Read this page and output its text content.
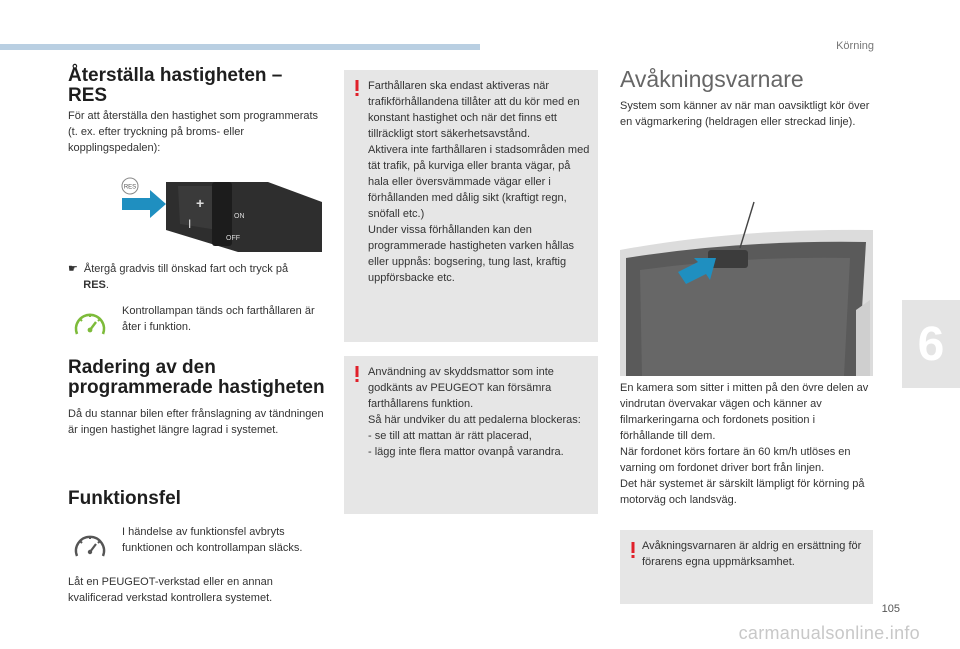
Körning
6
Återställa hastigheten – RES

För att återställa den hastighet som programmerats (t. ex. efter tryckning på broms- eller kopplingspedalen):

RES
+
I
ON
OFF

☛ Återgå gradvis till önskad fart och tryck på
RES.

Kontrollampan tänds och farthållaren är åter i funktion.

Radering av den programmerade hastigheten

Då du stannar bilen efter frånslagning av tändningen är ingen hastighet längre lagrad i systemet.

Funktionsfel

I händelse av funktionsfel avbryts funktionen och kontrollampan släcks.

Låt en PEUGEOT-verkstad eller en annan kvalificerad verkstad kontrollera systemet.

Farthållaren ska endast aktiveras när trafikförhållandena tillåter att du kör med en konstant hastighet och när det finns ett tillräckligt stort säkerhetsavstånd.
Aktivera inte farthållaren i stadsområden med tät trafik, på kurviga eller branta vägar, på hala eller översvämmade vägar eller i förhållanden med dålig sikt (kraftigt regn, snöfall etc.)
Under vissa förhållanden kan den programmerade hastigheten varken hållas eller uppnås: bogsering, tung last, kraftig uppförsbacke etc.
Användning av skyddsmattor som inte godkänts av PEUGEOT kan försämra farthållarens funktion.
Så här undviker du att pedalerna blockeras:
- se till att mattan är rätt placerad,
- lägg inte flera mattor ovanpå varandra.
Avåkningsvarnare

System som känner av när man oavsiktligt kör över en vägmarkering (heldragen eller streckad linje).

En kamera som sitter i mitten på den övre delen av vindrutan övervakar vägen och känner av filmarkeringarna och fordonets position i förhållande till dem.
När fordonet körs fortare än 60 km/h utlöses en varning om fordonet driver bort från linjen.
Det här systemet är särskilt lämpligt för körning på motorväg och landsväg.

Avåkningsvarnaren är aldrig en ersättning för förarens egna uppmärksamhet.
105
carmanualsonline.info
